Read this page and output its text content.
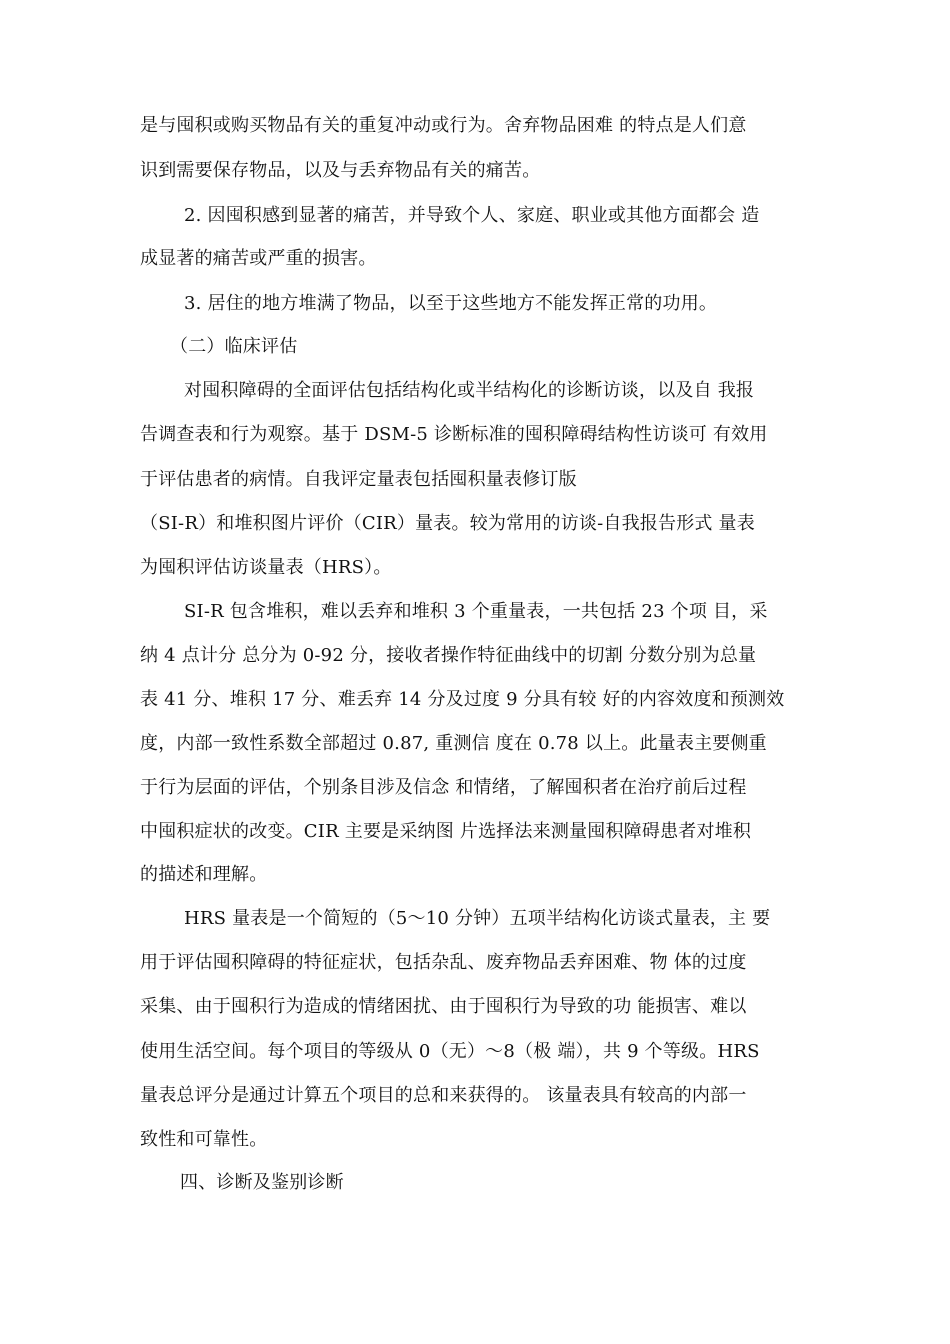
是与囤积或购买物品有关的重复冲动或行为。舍弃物品困难 的特点是人们意
识到需要保存物品，以及与丢弃物品有关的痛苦。
2. 因囤积感到显著的痛苦，并导致个人、家庭、职业或其他方面都会 造
成显著的痛苦或严重的损害。
3. 居住的地方堆满了物品，以至于这些地方不能发挥正常的功用。
（二）临床评估
对囤积障碍的全面评估包括结构化或半结构化的诊断访谈，以及自 我报
告调查表和行为观察。基于 DSM-5 诊断标准的囤积障碍结构性访谈可 有效用
于评估患者的病情。自我评定量表包括囤积量表修订版
（SI-R）和堆积图片评价（CIR）量表。较为常用的访谈-自我报告形式 量表
为囤积评估访谈量表（HRS）。
SI-R 包含堆积，难以丢弃和堆积 3 个重量表，一共包括 23 个项 目，采
纳 4 点计分 总分为 0-92 分，接收者操作特征曲线中的切割 分数分别为总量
表 41 分、堆积 17 分、难丢弃 14 分及过度 9 分具有较 好的内容效度和预测效
度，内部一致性系数全部超过 0.87, 重测信 度在 0.78 以上。此量表主要侧重
于行为层面的评估，个别条目涉及信念 和情绪，了解囤积者在治疗前后过程
中囤积症状的改变。CIR 主要是采纳图 片选择法来测量囤积障碍患者对堆积
的描述和理解。
HRS 量表是一个简短的（5〜10 分钟）五项半结构化访谈式量表，主 要
用于评估囤积障碍的特征症状，包括杂乱、废弃物品丢弃困难、物 体的过度
采集、由于囤积行为造成的情绪困扰、由于囤积行为导致的功 能损害、难以
使用生活空间。每个项目的等级从 0（无）〜8（极 端），共 9 个等级。HRS
量表总评分是通过计算五个项目的总和来获得的。 该量表具有较高的内部一
致性和可靠性。
四、诊断及鉴别诊断
